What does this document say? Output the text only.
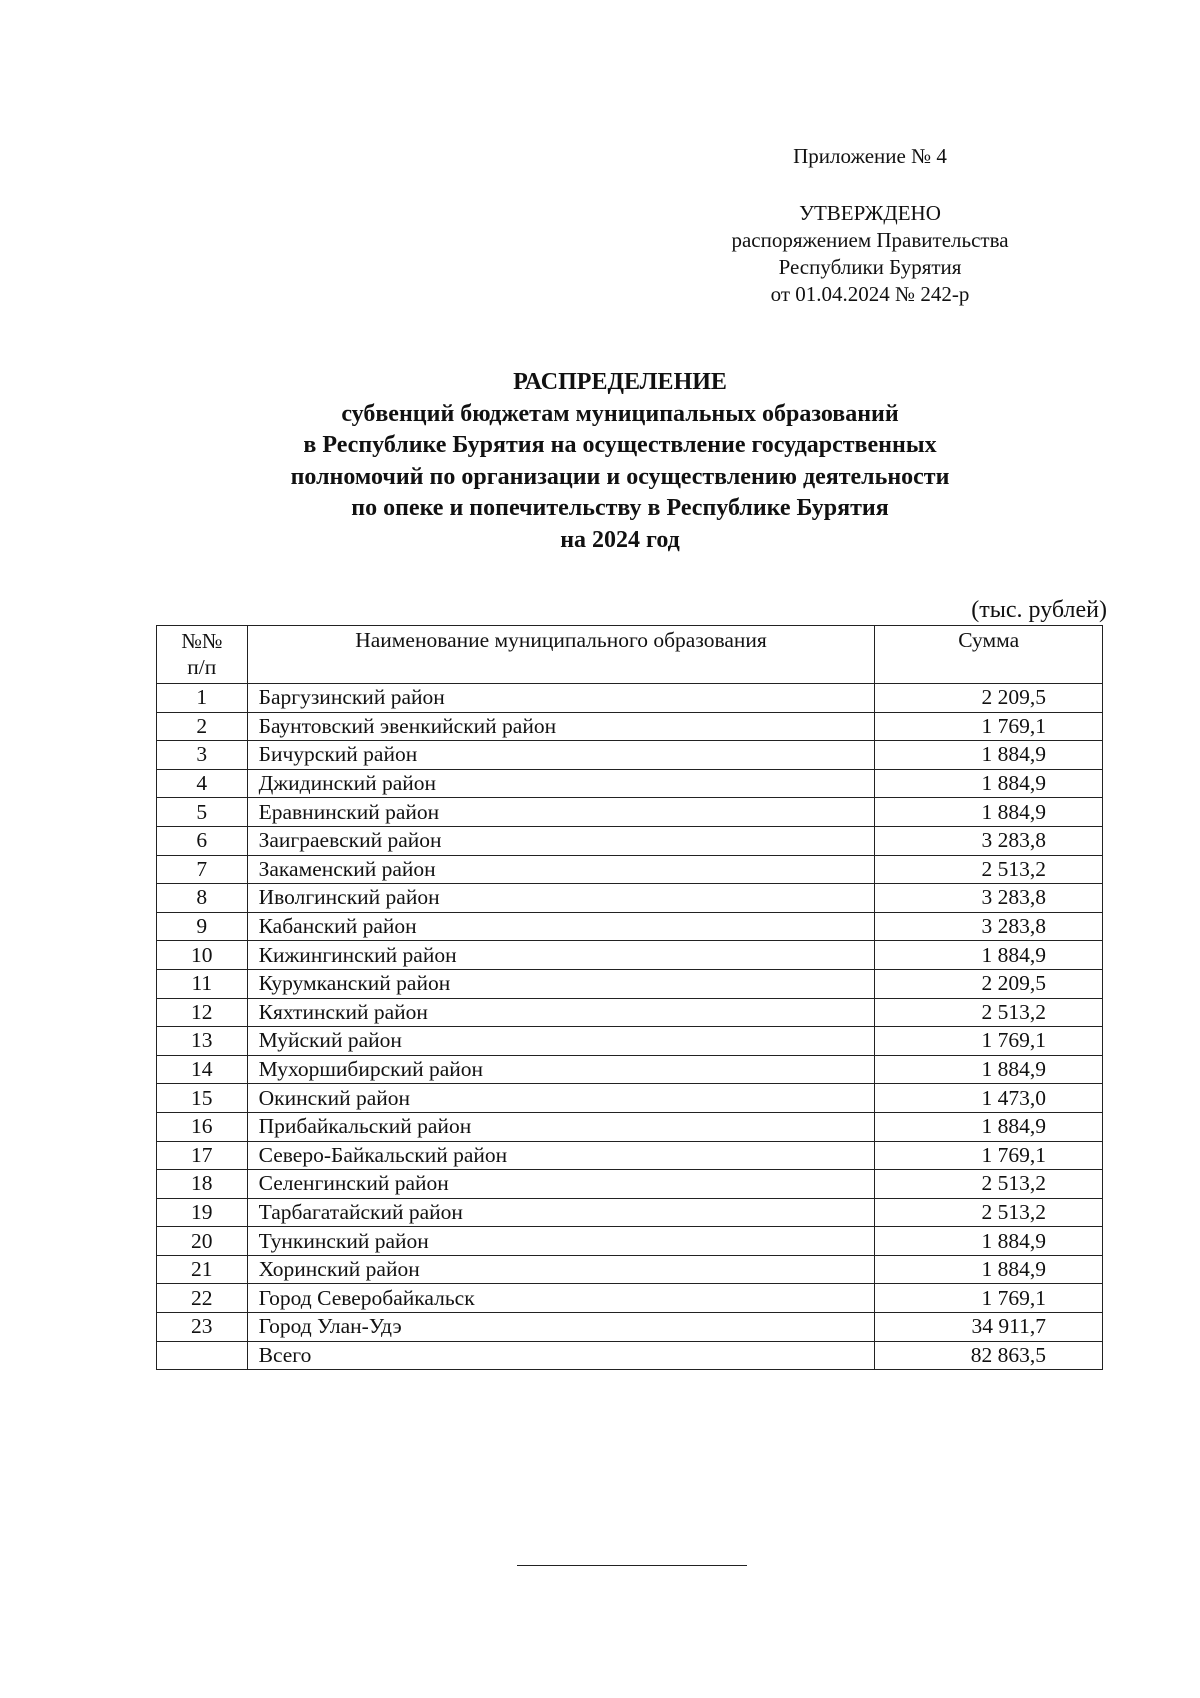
Приложение № 4
УТВЕРЖДЕНО
распоряжением Правительства
Республики Бурятия
от 01.04.2024 № 242-р
РАСПРЕДЕЛЕНИЕ
субвенций бюджетам муниципальных образований
в Республике Бурятия на осуществление государственных
полномочий по организации и осуществлению деятельности
по опеке и попечительству в Республике Бурятия
на 2024 год
(тыс. рублей)
№№
п/п	Наименование муниципального образования	Сумма
1	Баргузинский район	2 209,5
2	Баунтовский эвенкийский район	1 769,1
3	Бичурский район	1 884,9
4	Джидинский район	1 884,9
5	Еравнинский район	1 884,9
6	Заиграевский район	3 283,8
7	Закаменский район	2 513,2
8	Иволгинский район	3 283,8
9	Кабанский район	3 283,8
10	Кижингинский район	1 884,9
11	Курумканский район	2 209,5
12	Кяхтинский район	2 513,2
13	Муйский район	1 769,1
14	Мухоршибирский район	1 884,9
15	Окинский район	1 473,0
16	Прибайкальский район	1 884,9
17	Северо-Байкальский район	1 769,1
18	Селенгинский район	2 513,2
19	Тарбагатайский район	2 513,2
20	Тункинский район	1 884,9
21	Хоринский район	1 884,9
22	Город Северобайкальск	1 769,1
23	Город Улан-Удэ	34 911,7
	Всего	82 863,5
